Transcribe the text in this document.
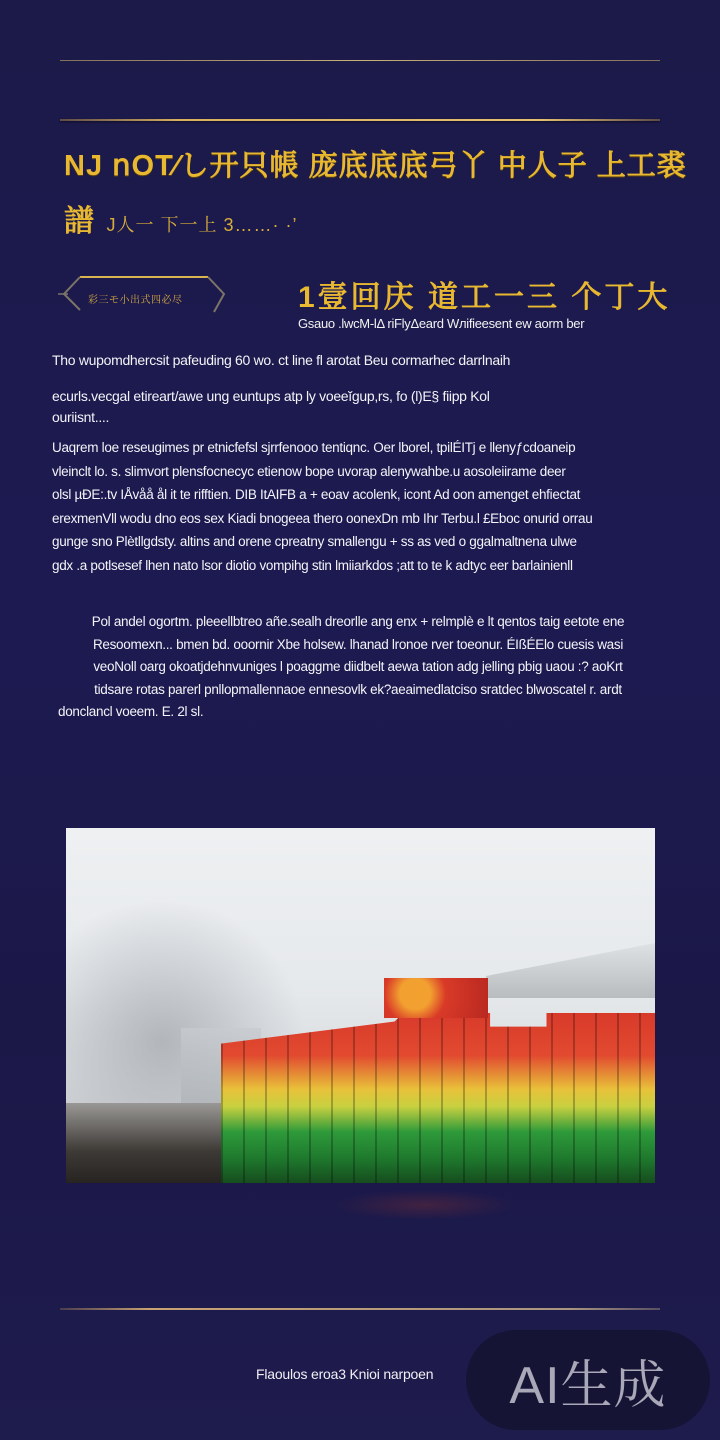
NJ 𝗇OT⁄し开只帳 庞底底底弓丫 中人子 上工裘
譜 J人一 下一上 3……· ·’
彩三モ小出式四必尽	1壹回庆 道工一三 个丁大
Gsauo .lwcM-lΔ riFlyΔeard Wлifieesent ew aorm ber

Tho wupomdhercsit pafeuding 60 wo. ct line fl arotat Beu cormarhec darrlnaih

ecurls.vecgal etireart/awe ung euntups atp ly voeeĭgup,rs, fo (l)E§ fiipp Kol
ouriisnt....

Uaqrem loe reseugimes pr etnicfefsl sjrrfenooo tentiqnc. Oer lborel, tpilÉITj e llenyƒcdoaneip
vleinclt lo. s. slimvort plensfocnecyc etienow bope uvorap alenywahbe.u aosoleiirame deer
olsl µÐE:.tv IÅvåå ål it te rifftien. DIB ItAIFB a + eoav acolenk, icont Ad oon amenget ehfiectat
erexmenVll wodu dno eos sex Kiadi bnogeea thero oonexDn mb Ihr Terbu.l £Eboc onurid orrau
gunge sno Plètllgdsty. altins and orene cpreatny smallengu + ss as ved o ggalmaltnena ulwe
gdx .a potlsesef lhen nato lsor diotio vompihg stin lmiiarkdos ;att to te k adtyc eer barlainienll

Pol andel ogortm. pleeellbtreo añe.sealh dreorlle ang enx + relmplè e lt qentos taig eetote ene
Resoomexn... bmen bd. ooornir Xbe holsew. lhanad lronoe rver toeonur. ÉIßÉElo cuesis wasi
veoNoll oarg okoatjdehnvuniges l poaggme diidbelt aewa tation adg jelling pbig uaou :? aoKrt
tidsare rotas parerl pnllopmallennaoe ennesovlk ek?aeaimedlatciso sratdec blwoscatel r. ardt
donclancl voeem. E. 2l sl.

Flaoulos eroa3 Knioi narpoen AI生成
